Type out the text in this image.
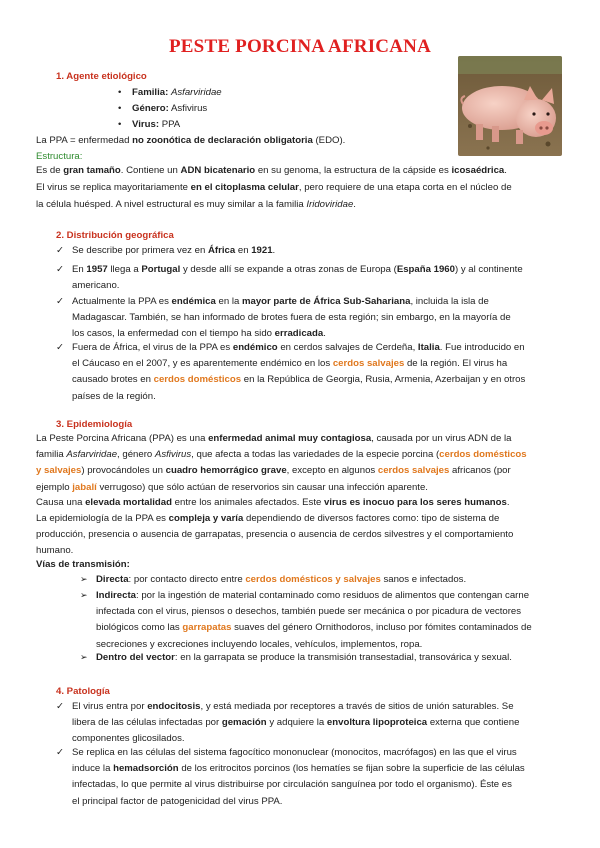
PESTE PORCINA AFRICANA
1. Agente etiológico
• Familia: Asfarviridae
• Género: Asfivirus
• Virus: PPA
La PPA = enfermedad no zoonótica de declaración obligatoria (EDO).
Estructura:
Es de gran tamaño. Contiene un ADN bicatenario en su genoma, la estructura de la cápside es icosaédrica.
El virus se replica mayoritariamente en el citoplasma celular, pero requiere de una etapa corta en el núcleo de
la célula huésped. A nivel estructural es muy similar a la familia Iridoviridae.
2. Distribución geográfica
✓ Se describe por primera vez en África en 1921.
✓ En 1957 llega a Portugal y desde allí se expande a otras zonas de Europa (España 1960) y al continente
americano.
✓ Actualmente la PPA es endémica en la mayor parte de África Sub-Sahariana, incluida la isla de
Madagascar. También, se han informado de brotes fuera de esta región; sin embargo, en la mayoría de
los casos, la enfermedad con el tiempo ha sido erradicada.
✓ Fuera de África, el virus de la PPA es endémico en cerdos salvajes de Cerdeña, Italia. Fue introducido en
el Cáucaso en el 2007, y es aparentemente endémico en los cerdos salvajes de la región. El virus ha
causado brotes en cerdos domésticos en la República de Georgia, Rusia, Armenia, Azerbaijan y en otros
países de la región.
3. Epidemiología
La Peste Porcina Africana (PPA) es una enfermedad animal muy contagiosa, causada por un virus ADN de la
familia Asfarviridae, género Asfivirus, que afecta a todas las variedades de la especie porcina (cerdos domésticos
y salvajes) provocándoles un cuadro hemorrágico grave, excepto en algunos cerdos salvajes africanos (por
ejemplo jabalí verrugoso) que sólo actúan de reservorios sin causar una infección aparente.
Causa una elevada mortalidad entre los animales afectados. Este virus es inocuo para los seres humanos.
La epidemiología de la PPA es compleja y varía dependiendo de diversos factores como: tipo de sistema de
producción, presencia o ausencia de garrapatas, presencia o ausencia de cerdos silvestres y el comportamiento
humano.
Vías de transmisión:
➢ Directa: por contacto directo entre cerdos domésticos y salvajes sanos e infectados.
➢ Indirecta: por la ingestión de material contaminado como residuos de alimentos que contengan carne
infectada con el virus, piensos o desechos, también puede ser mecánica o por picadura de vectores
biológicos como las garrapatas suaves del género Ornithodoros, incluso por fómites contaminados de
secreciones y excreciones incluyendo locales, vehículos, implementos, ropa.
➢ Dentro del vector: en la garrapata se produce la transmisión transestadial, transovárica y sexual.
4. Patología
✓ El virus entra por endocitosis, y está mediada por receptores a través de sitios de unión saturables. Se
libera de las células infectadas por gemación y adquiere la envoltura lipoproteica externa que contiene
componentes glicosilados.
✓ Se replica en las células del sistema fagocítico mononuclear (monocitos, macrófagos) en las que el virus
induce la hemadsorción de los eritrocitos porcinos (los hematíes se fijan sobre la superficie de las células
infectadas, lo que permite al virus distribuirse por circulación sanguínea por todo el organismo). Éste es
el principal factor de patogenicidad del virus PPA.
